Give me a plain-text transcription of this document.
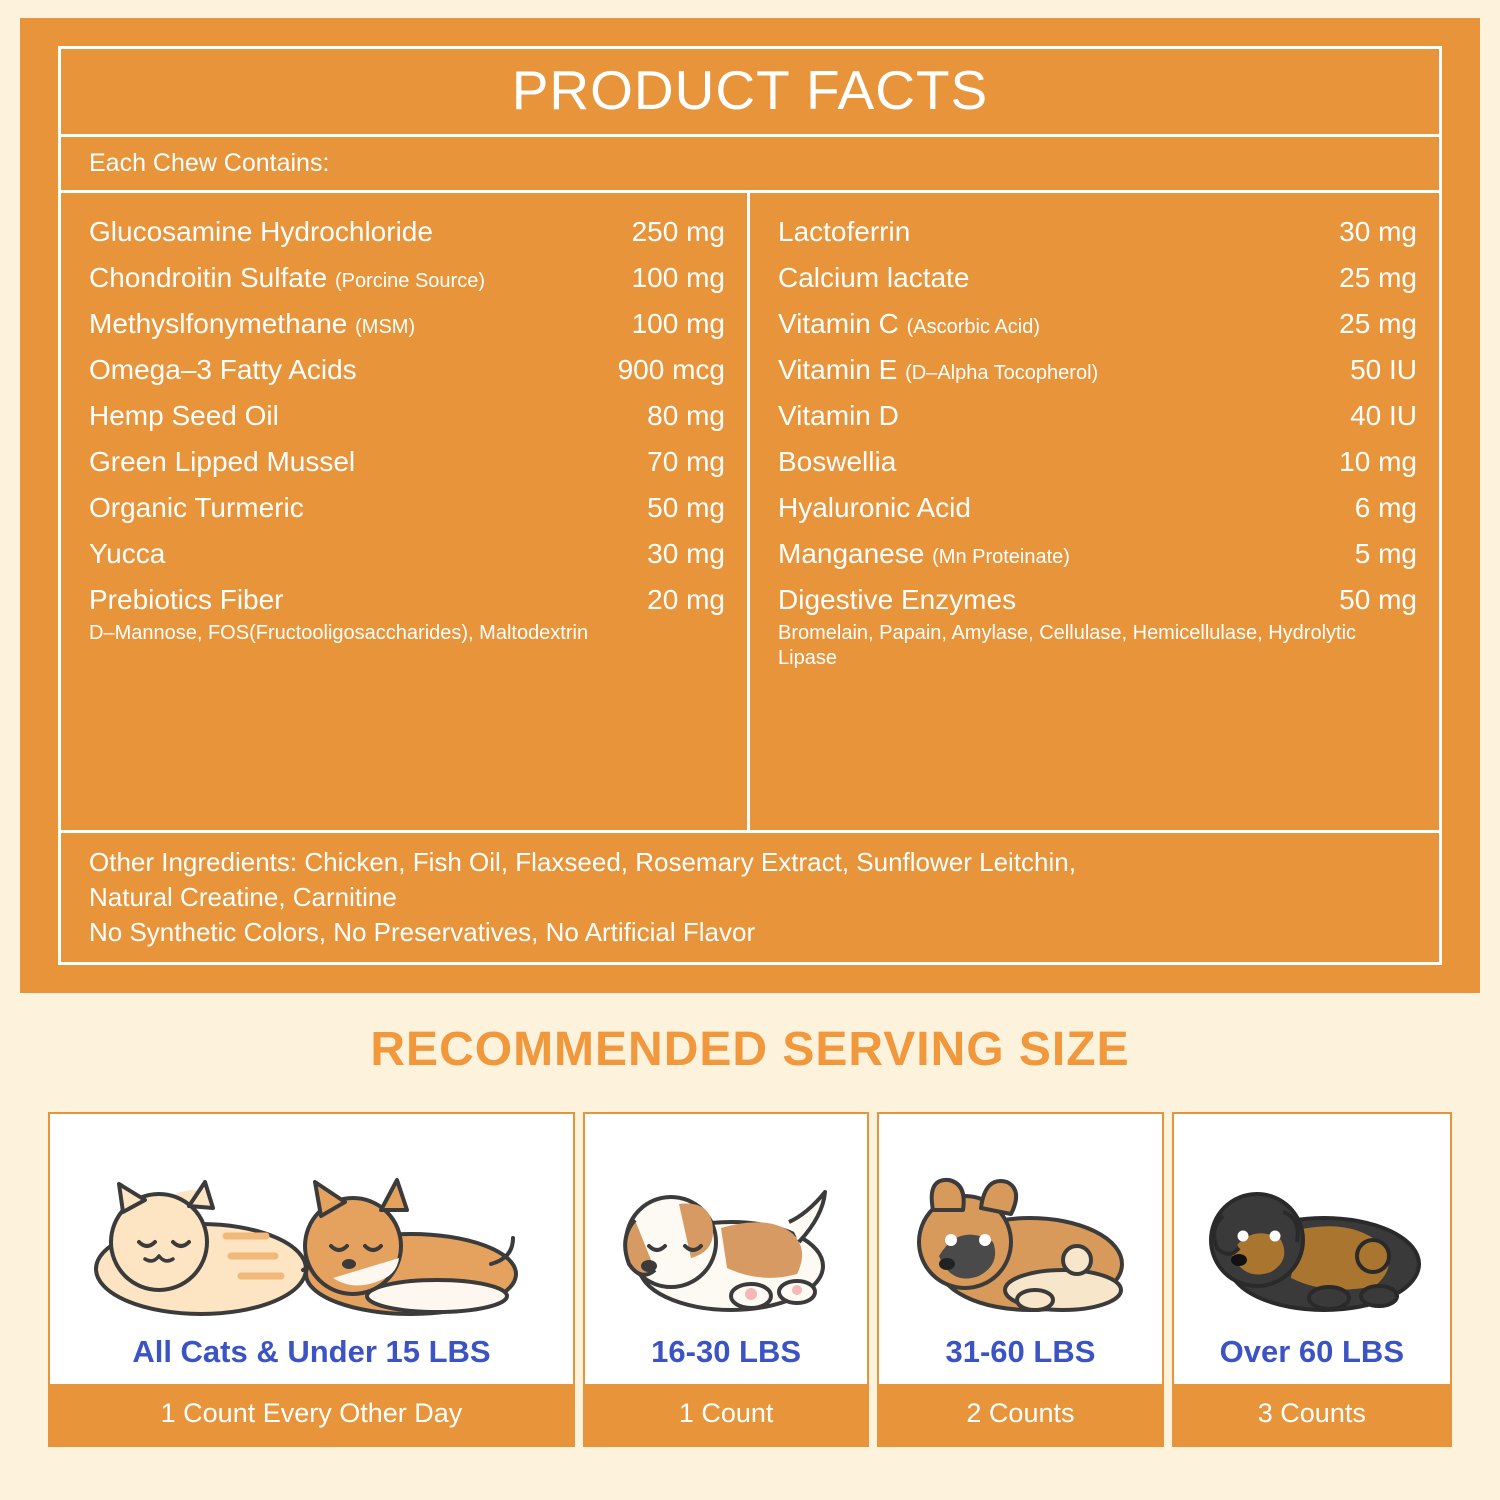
PRODUCT FACTS
Each Chew Contains:
Glucosamine Hydrochloride	250 mg
Chondroitin Sulfate (Porcine Source)	100 mg
Methyslfonymethane (MSM)	100 mg
Omega–3 Fatty Acids	900 mcg
Hemp Seed Oil	80 mg
Green Lipped Mussel	70 mg
Organic Turmeric	50 mg
Yucca	30 mg
Prebiotics Fiber	20 mg
D–Mannose, FOS(Fructooligosaccharides), Maltodextrin
Lactoferrin	30 mg
Calcium lactate	25 mg
Vitamin C (Ascorbic Acid)	25 mg
Vitamin E (D–Alpha Tocopherol)	50 IU
Vitamin D	40 IU
Boswellia	10 mg
Hyaluronic Acid	6 mg
Manganese (Mn Proteinate)	5 mg
Digestive Enzymes	50 mg
Bromelain, Papain, Amylase, Cellulase, Hemicellulase, Hydrolytic Lipase
Other Ingredients: Chicken, Fish Oil, Flaxseed, Rosemary Extract, Sunflower Leitchin,
Natural Creatine, Carnitine
No Synthetic Colors, No Preservatives, No Artificial Flavor
RECOMMENDED SERVING SIZE
All Cats & Under 15 LBS
1 Count Every Other Day
16-30 LBS
1 Count
31-60 LBS
2 Counts
Over 60 LBS
3 Counts
